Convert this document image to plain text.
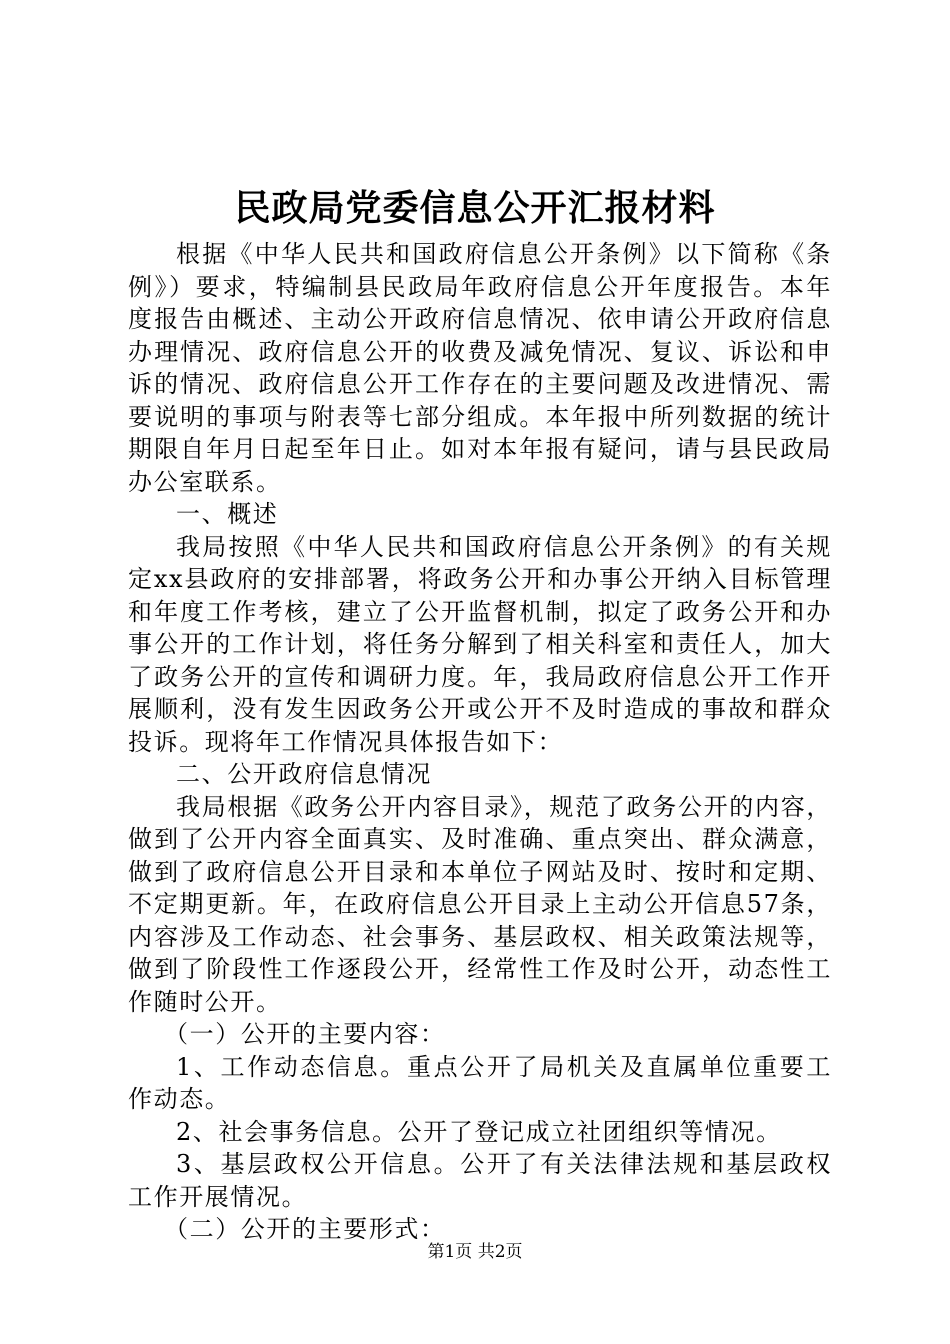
民政局党委信息公开汇报材料

根据《中华人民共和国政府信息公开条例》以下简称《条例》）要求，特编制县民政局年政府信息公开年度报告。本年度报告由概述、主动公开政府信息情况、依申请公开政府信息办理情况、政府信息公开的收费及减免情况、复议、诉讼和申诉的情况、政府信息公开工作存在的主要问题及改进情况、需要说明的事项与附表等七部分组成。本年报中所列数据的统计期限自年月日起至年日止。如对本年报有疑问，请与县民政局办公室联系。

一、概述

我局按照《中华人民共和国政府信息公开条例》的有关规定xx县政府的安排部署，将政务公开和办事公开纳入目标管理和年度工作考核，建立了公开监督机制，拟定了政务公开和办事公开的工作计划，将任务分解到了相关科室和责任人，加大了政务公开的宣传和调研力度。年，我局政府信息公开工作开展顺利，没有发生因政务公开或公开不及时造成的事故和群众投诉。现将年工作情况具体报告如下：

二、公开政府信息情况

我局根据《政务公开内容目录》，规范了政务公开的内容，做到了公开内容全面真实、及时准确、重点突出、群众满意，做到了政府信息公开目录和本单位子网站及时、按时和定期、不定期更新。年，在政府信息公开目录上主动公开信息57条，内容涉及工作动态、社会事务、基层政权、相关政策法规等，做到了阶段性工作逐段公开，经常性工作及时公开，动态性工作随时公开。

（一）公开的主要内容：

1、工作动态信息。重点公开了局机关及直属单位重要工作动态。

2、社会事务信息。公开了登记成立社团组织等情况。

3、基层政权公开信息。公开了有关法律法规和基层政权工作开展情况。

（二）公开的主要形式：

第1页 共2页
